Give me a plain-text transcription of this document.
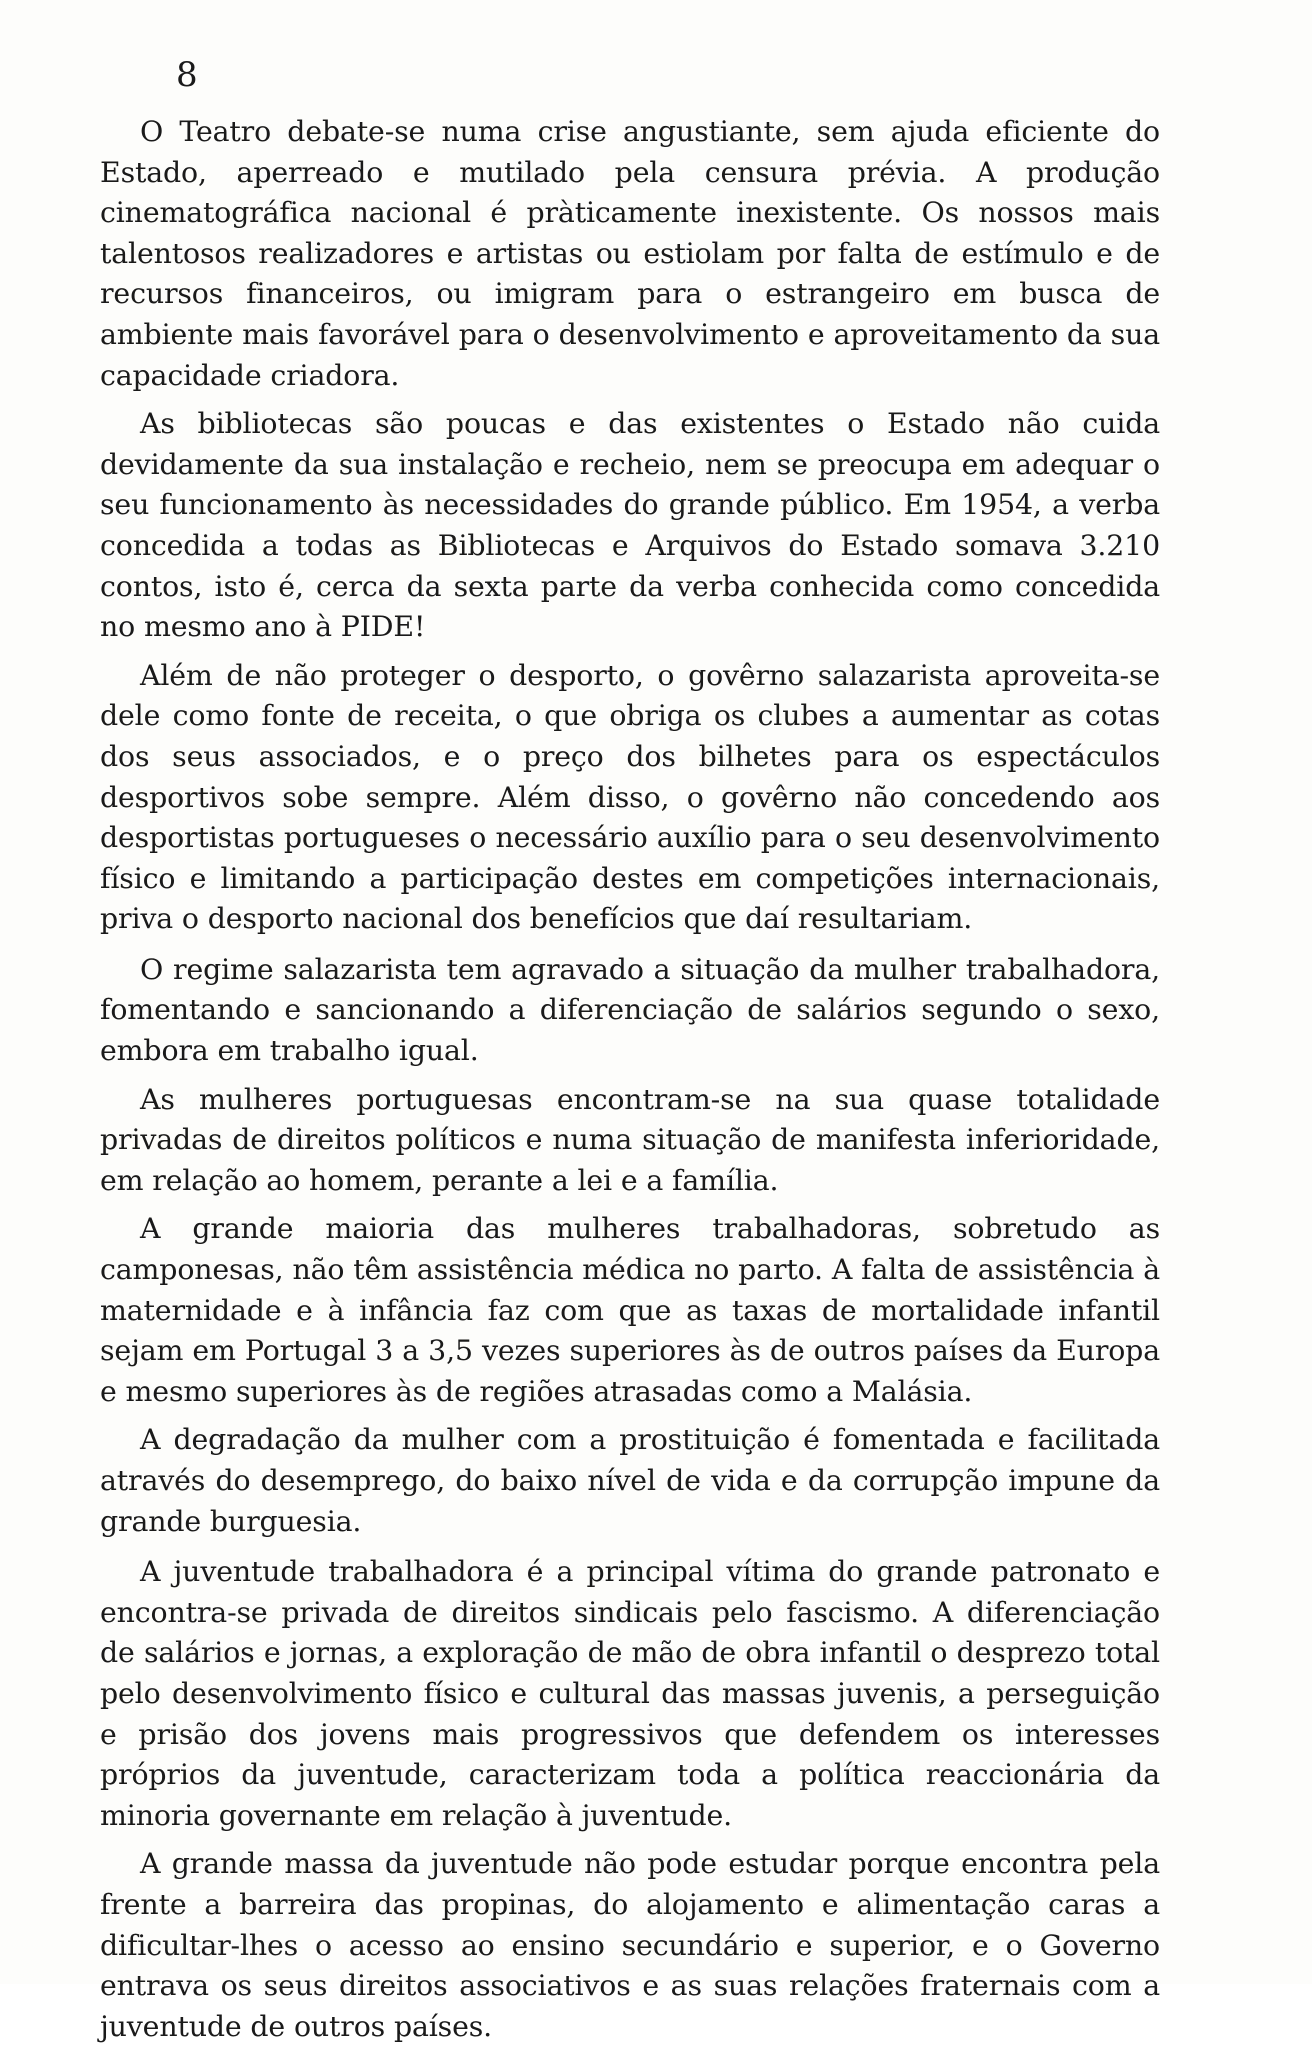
8

O Teatro debate-se numa crise angustiante, sem ajuda eficiente do Estado, aperreado e mutilado pela censura prévia. A produção cinematográfica nacional é pràticamente inexistente. Os nossos mais talentosos realizadores e artistas ou estiolam por falta de estímulo e de recursos financeiros, ou imigram para o estrangeiro em busca de ambiente mais favorável para o desenvolvimento e aproveitamento da sua capacidade criadora.

As bibliotecas são poucas e das existentes o Estado não cuida devidamente da sua instalação e recheio, nem se preocupa em adequar o seu funcionamento às necessidades do grande público. Em 1954, a verba concedida a todas as Bibliotecas e Arquivos do Estado somava 3.210 contos, isto é, cerca da sexta parte da verba conhecida como concedida no mesmo ano à PIDE!

Além de não proteger o desporto, o govêrno salazarista aproveita-se dele como fonte de receita, o que obriga os clubes a aumentar as cotas dos seus associados, e o preço dos bilhetes para os espectáculos desportivos sobe sempre. Além disso, o govêrno não concedendo aos desportistas portugueses o necessário auxílio para o seu desenvolvimento físico e limitando a participação destes em competições internacionais, priva o desporto nacional dos benefícios que daí resultariam.

O regime salazarista tem agravado a situação da mulher trabalhadora, fomentando e sancionando a diferenciação de salários segundo o sexo, embora em trabalho igual.

As mulheres portuguesas encontram-se na sua quase totalidade privadas de direitos políticos e numa situação de manifesta inferioridade, em relação ao homem, perante a lei e a família.

A grande maioria das mulheres trabalhadoras, sobretudo as camponesas, não têm assistência médica no parto. A falta de assistência à maternidade e à infância faz com que as taxas de mortalidade infantil sejam em Portugal 3 a 3,5 vezes superiores às de outros países da Europa e mesmo superiores às de regiões atrasadas como a Malásia.

A degradação da mulher com a prostituição é fomentada e facilitada através do desemprego, do baixo nível de vida e da corrupção impune da grande burguesia.

A juventude trabalhadora é a principal vítima do grande patronato e encontra-se privada de direitos sindicais pelo fascismo. A diferenciação de salários e jornas, a exploração de mão de obra infantil o desprezo total pelo desenvolvimento físico e cultural das massas juvenis, a perseguição e prisão dos jovens mais progressivos que defendem os interesses próprios da juventude, caracterizam toda a política reaccionária da minoria governante em relação à juventude.

A grande massa da juventude não pode estudar porque encontra pela frente a barreira das propinas, do alojamento e alimentação caras a dificultar-lhes o acesso ao ensino secundário e superior, e o Governo entrava os seus direitos associativos e as suas relações fraternais com a juventude de outros países.
